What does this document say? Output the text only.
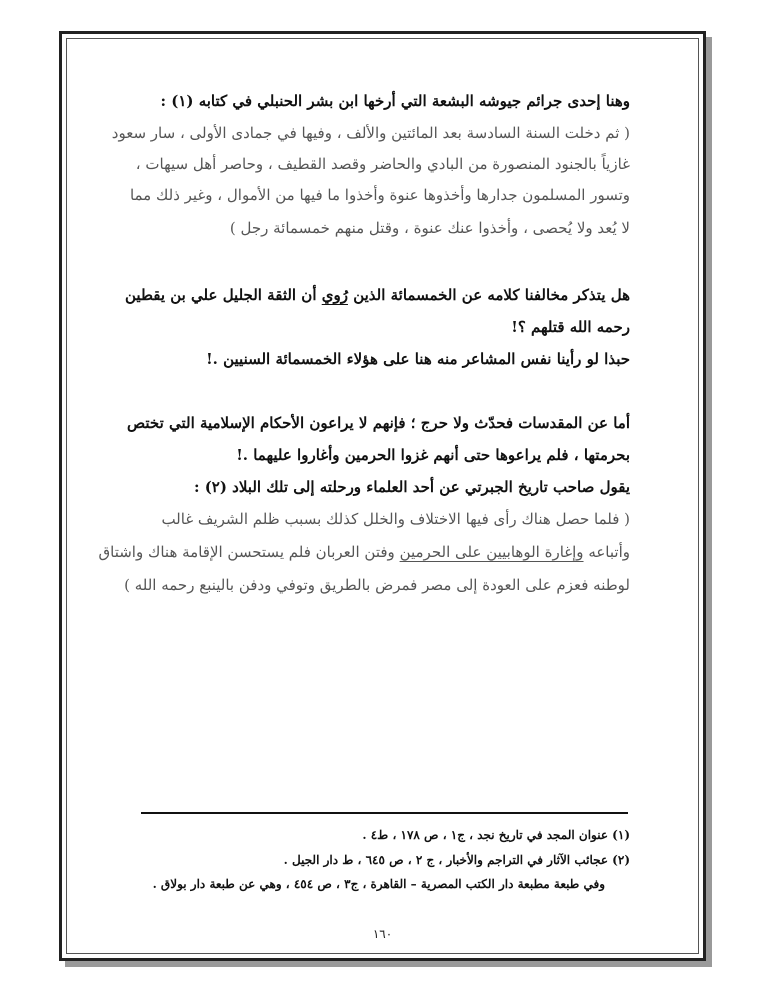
وهنا إحدى جرائم جيوشه البشعة التي أرخها ابن بشر الحنبلي في كتابه (١) :
( ثم دخلت السنة السادسة بعد المائتين والألف ، وفيها في جمادى الأولى ، سار سعود
غازياً بالجنود المنصورة من البادي والحاضر وقصد القطيف ، وحاصر أهل سيهات ،
وتسور المسلمون جدارها وأخذوها عنوة وأخذوا ما فيها من الأموال ، وغير ذلك مما
لا يُعد ولا يُحصى ، وأخذوا عنك عنوة ، وقتل منهم خمسمائة رجل )
هل يتذكر مخالفنا كلامه عن الخمسمائة الذين رُوي أن الثقة الجليل علي بن يقطين
رحمه الله قتلهم ؟!
حبذا لو رأينا نفس المشاعر منه هنا على هؤلاء الخمسمائة السنيين .!
أما عن المقدسات فحدّث ولا حرج ؛ فإنهم لا يراعون الأحكام الإسلامية التي تختص
بحرمتها ، فلم يراعوها حتى أنهم غزوا الحرمين وأغاروا عليهما .!
يقول صاحب تاريخ الجبرتي عن أحد العلماء ورحلته إلى تلك البلاد (٢) :
( فلما حصل هناك رأى فيها الاختلاف والخلل كذلك بسبب ظلم الشريف غالب
وأتباعه وإغارة الوهابيين على الحرمين وفتن العربان فلم يستحسن الإقامة هناك واشتاق
لوطنه فعزم على العودة إلى مصر فمرض بالطريق وتوفي ودفن بالينبع رحمه الله )
(١) عنوان المجد في تاريخ نجد ، ج١ ، ص ١٧٨ ، ط٤ .
(٢) عجائب الآثار في التراجم والأخبار ، ج ٢ ، ص ٦٤٥ ، ط دار الجيل .
وفي طبعة مطبعة دار الكتب المصرية – القاهرة ، ج٣ ، ص ٤٥٤ ، وهي عن طبعة دار بولاق .
١٦٠
